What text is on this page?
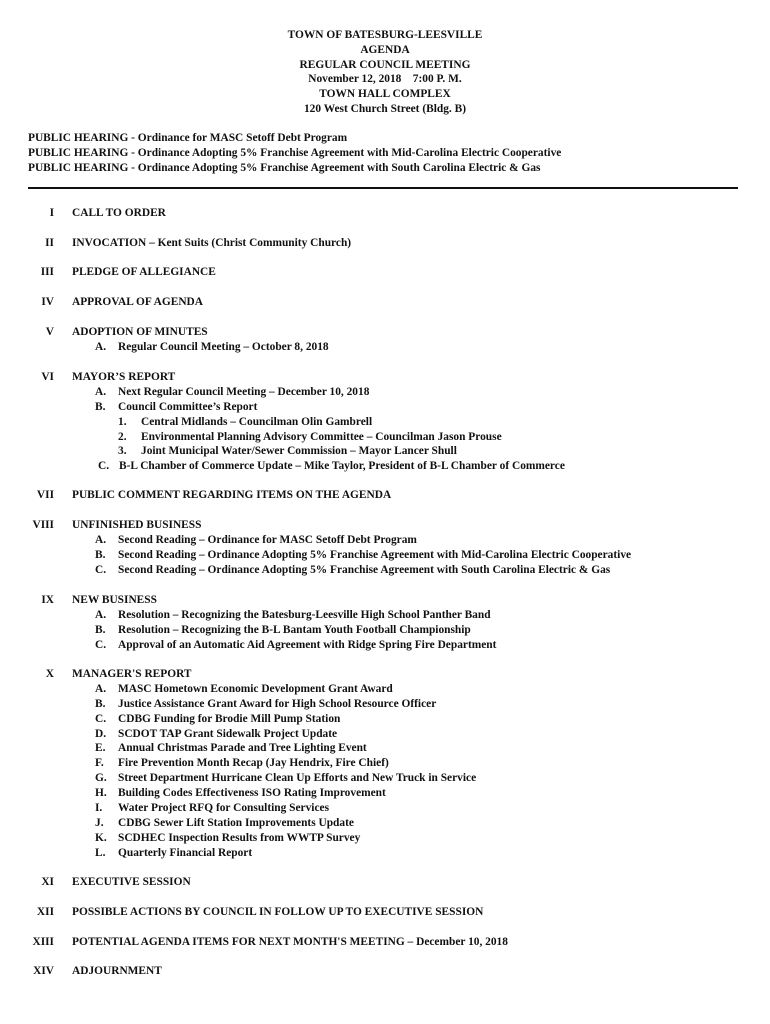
TOWN OF BATESBURG-LEESVILLE
AGENDA
REGULAR COUNCIL MEETING
November 12, 2018    7:00 P. M.
TOWN HALL COMPLEX
120 West Church Street (Bldg. B)
PUBLIC HEARING - Ordinance for MASC Setoff Debt Program
PUBLIC HEARING - Ordinance Adopting 5% Franchise Agreement with Mid-Carolina Electric Cooperative
PUBLIC HEARING - Ordinance Adopting 5% Franchise Agreement with South Carolina Electric & Gas
I CALL TO ORDER
II INVOCATION – Kent Suits (Christ Community Church)
III PLEDGE OF ALLEGIANCE
IV APPROVAL OF AGENDA
V ADOPTION OF MINUTES
A. Regular Council Meeting – October 8, 2018
VI MAYOR’S REPORT
A. Next Regular Council Meeting – December 10, 2018
B. Council Committee’s Report
1. Central Midlands – Councilman Olin Gambrell
2. Environmental Planning Advisory Committee – Councilman Jason Prouse
3. Joint Municipal Water/Sewer Commission – Mayor Lancer Shull
C. B-L Chamber of Commerce Update – Mike Taylor, President of B-L Chamber of Commerce
VII PUBLIC COMMENT REGARDING ITEMS ON THE AGENDA
VIII UNFINISHED BUSINESS
A. Second Reading – Ordinance for MASC Setoff Debt Program
B. Second Reading – Ordinance Adopting 5% Franchise Agreement with Mid-Carolina Electric Cooperative
C. Second Reading – Ordinance Adopting 5% Franchise Agreement with South Carolina Electric & Gas
IX NEW BUSINESS
A. Resolution – Recognizing the Batesburg-Leesville High School Panther Band
B. Resolution – Recognizing the B-L Bantam Youth Football Championship
C. Approval of an Automatic Aid Agreement with Ridge Spring Fire Department
X MANAGER'S REPORT
A. MASC Hometown Economic Development Grant Award
B. Justice Assistance Grant Award for High School Resource Officer
C. CDBG Funding for Brodie Mill Pump Station
D. SCDOT TAP Grant Sidewalk Project Update
E. Annual Christmas Parade and Tree Lighting Event
F. Fire Prevention Month Recap (Jay Hendrix, Fire Chief)
G. Street Department Hurricane Clean Up Efforts and New Truck in Service
H. Building Codes Effectiveness ISO Rating Improvement
I. Water Project RFQ for Consulting Services
J. CDBG Sewer Lift Station Improvements Update
K. SCDHEC Inspection Results from WWTP Survey
L. Quarterly Financial Report
XI EXECUTIVE SESSION
XII POSSIBLE ACTIONS BY COUNCIL IN FOLLOW UP TO EXECUTIVE SESSION
XIII POTENTIAL AGENDA ITEMS FOR NEXT MONTH'S MEETING – December 10, 2018
XIV ADJOURNMENT
